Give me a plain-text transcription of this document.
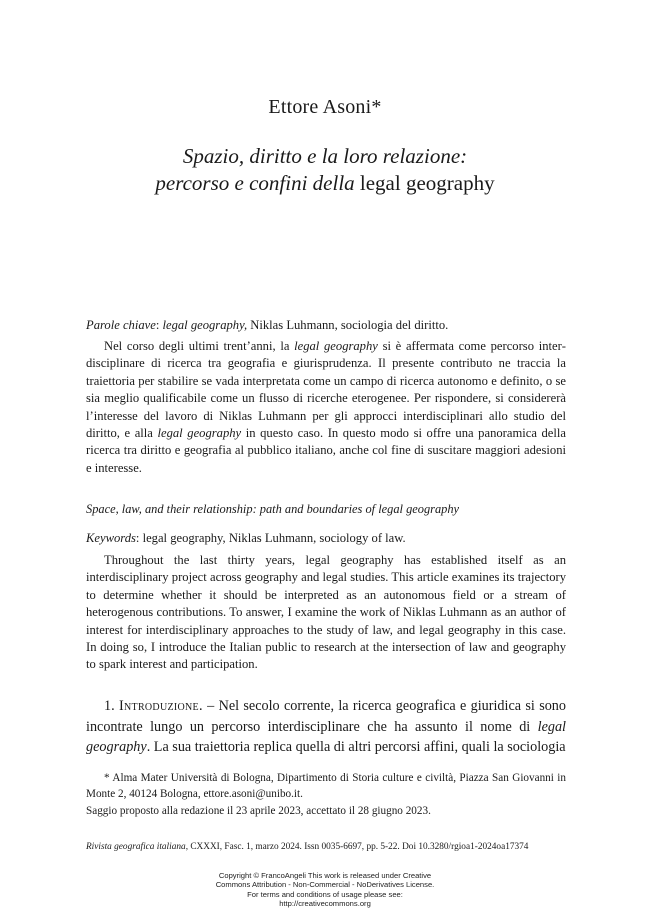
Ettore Asoni*
Spazio, diritto e la loro relazione:
percorso e confini della legal geography
Parole chiave: legal geography, Niklas Luhmann, sociologia del diritto.
Nel corso degli ultimi trent’anni, la legal geography si è affermata come percorso interdisciplinare di ricerca tra geografia e giurisprudenza. Il presente contributo ne traccia la traiettoria per stabilire se vada interpretata come un campo di ricerca autonomo e definito, o se sia meglio qualificabile come un flusso di ricerche eterogenee. Per rispondere, si considererà l’interesse del lavoro di Niklas Luhmann per gli approcci interdisciplinari allo studio del diritto, e alla legal geography in questo caso. In questo modo si offre una panoramica della ricerca tra diritto e geografia al pubblico italiano, anche col fine di suscitare maggiori adesioni e interesse.
Space, law, and their relationship: path and boundaries of legal geography
Keywords: legal geography, Niklas Luhmann, sociology of law.
Throughout the last thirty years, legal geography has established itself as an interdisciplinary project across geography and legal studies. This article examines its trajectory to determine whether it should be interpreted as an autonomous field or a stream of heterogenous contributions. To answer, I examine the work of Niklas Luhmann as an author of interest for interdisciplinary approaches to the study of law, and legal geography in this case. In doing so, I introduce the Italian public to research at the intersection of law and geography to spark interest and participation.
1. Introduzione. – Nel secolo corrente, la ricerca geografica e giuridica si sono incontrate lungo un percorso interdisciplinare che ha assunto il nome di legal geography. La sua traiettoria replica quella di altri percorsi affini, quali la sociologia
* Alma Mater Università di Bologna, Dipartimento di Storia culture e civiltà, Piazza San Giovanni in Monte 2, 40124 Bologna, ettore.asoni@unibo.it.
Saggio proposto alla redazione il 23 aprile 2023, accettato il 28 giugno 2023.
Rivista geografica italiana, CXXXI, Fasc. 1, marzo 2024. Issn 0035-6697, pp. 5-22. Doi 10.3280/rgioa1-2024oa17374
Copyright © FrancoAngeli This work is released under Creative
Commons Attribution - Non-Commercial - NoDerivatives License.
For terms and conditions of usage please see:
http://creativecommons.org
